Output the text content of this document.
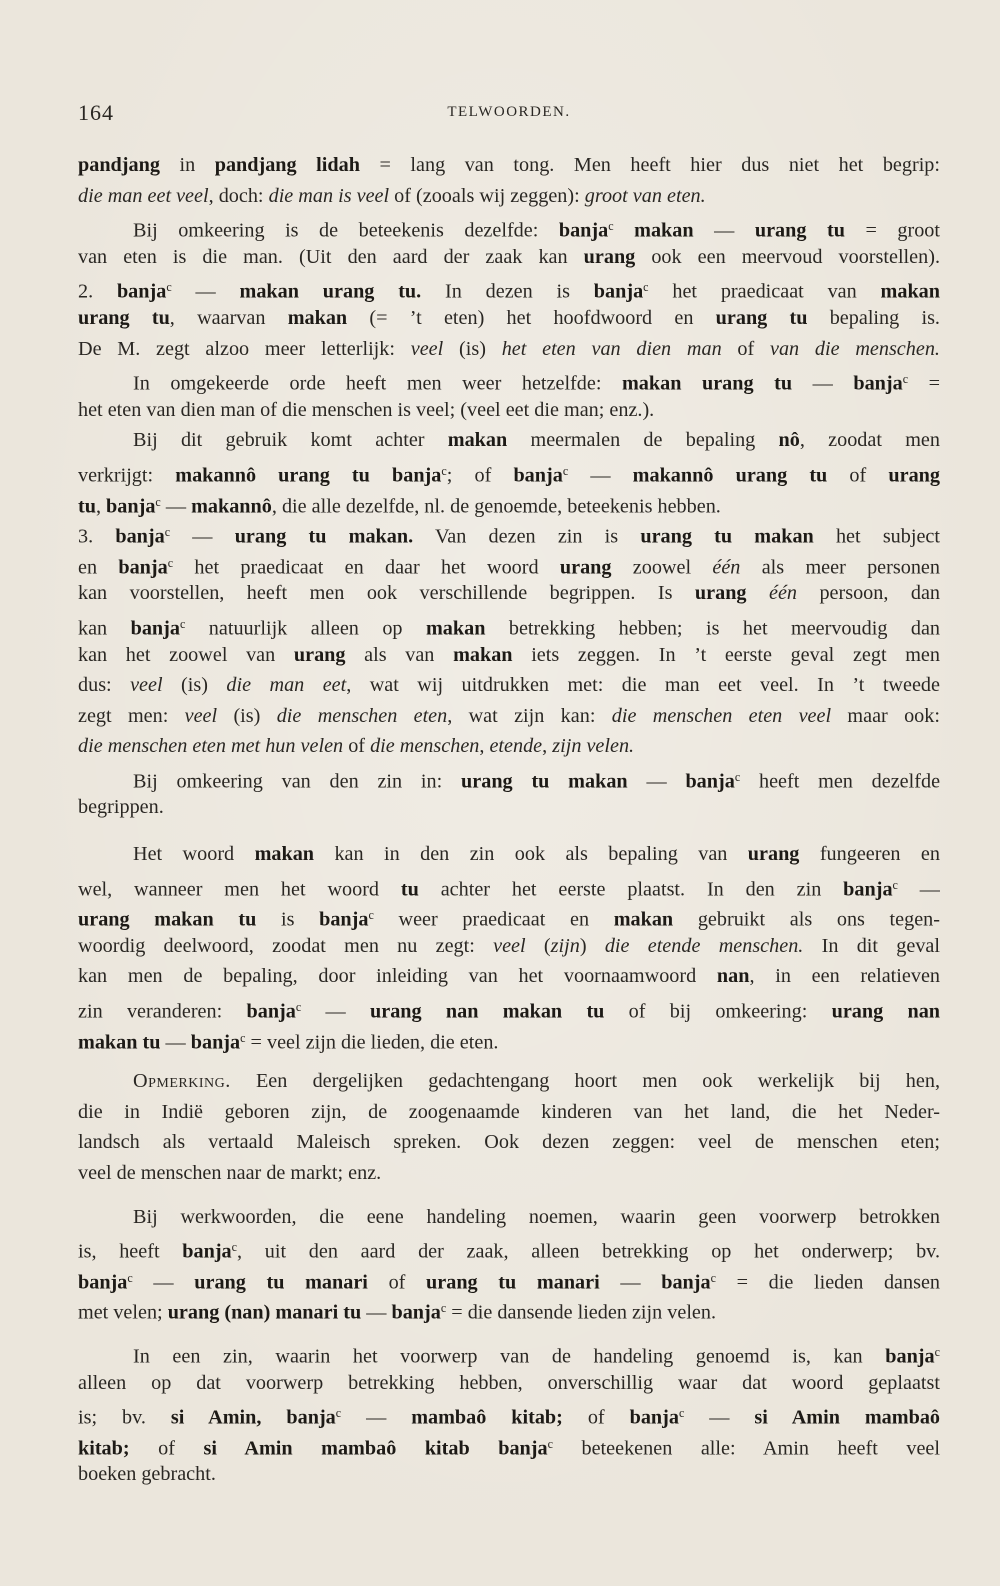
164	TELWOORDEN.
pandjang in pandjang lidah = lang van tong. Men heeft hier dus niet het begrip:
die man eet veel, doch: die man is veel of (zooals wij zeggen): groot van eten.
Bij omkeering is de beteekenis dezelfde: banja$^c$ makan — urang tu = groot
van eten is die man. (Uit den aard der zaak kan urang ook een meervoud voorstellen).
2. banja$^c$ — makan urang tu. In dezen is banja$^c$ het praedicaat van makan
urang tu, waarvan makan (= ’t eten) het hoofdwoord en urang tu bepaling is.
De M. zegt alzoo meer letterlijk: veel (is) het eten van dien man of van die menschen.
In omgekeerde orde heeft men weer hetzelfde: makan urang tu — banja$^c$ =
het eten van dien man of die menschen is veel; (veel eet die man; enz.).
Bij dit gebruik komt achter makan meermalen de bepaling nô, zoodat men
verkrijgt: makannô urang tu banja$^c$; of banja$^c$ — makannô urang tu of urang
tu, banja$^c$ — makannô, die alle dezelfde, nl. de genoemde, beteekenis hebben.
3. banja$^c$ — urang tu makan. Van dezen zin is urang tu makan het subject
en banja$^c$ het praedicaat en daar het woord urang zoowel één als meer personen
kan voorstellen, heeft men ook verschillende begrippen. Is urang één persoon, dan
kan banja$^c$ natuurlijk alleen op makan betrekking hebben; is het meervoudig dan
kan het zoowel van urang als van makan iets zeggen. In ’t eerste geval zegt men
dus: veel (is) die man eet, wat wij uitdrukken met: die man eet veel. In ’t tweede
zegt men: veel (is) die menschen eten, wat zijn kan: die menschen eten veel maar ook:
die menschen eten met hun velen of die menschen, etende, zijn velen.
Bij omkeering van den zin in: urang tu makan — banja$^c$ heeft men dezelfde
begrippen.
Het woord makan kan in den zin ook als bepaling van urang fungeeren en
wel, wanneer men het woord tu achter het eerste plaatst. In den zin banja$^c$ —
urang makan tu is banja$^c$ weer praedicaat en makan gebruikt als ons tegen-
woordig deelwoord, zoodat men nu zegt: veel (zijn) die etende menschen. In dit geval
kan men de bepaling, door inleiding van het voornaamwoord nan, in een relatieven
zin veranderen: banja$^c$ — urang nan makan tu of bij omkeering: urang nan
makan tu — banja$^c$ = veel zijn die lieden, die eten.
Opmerking. Een dergelijken gedachtengang hoort men ook werkelijk bij hen,
die in Indië geboren zijn, de zoogenaamde kinderen van het land, die het Neder-
landsch als vertaald Maleisch spreken. Ook dezen zeggen: veel de menschen eten;
veel de menschen naar de markt; enz.
Bij werkwoorden, die eene handeling noemen, waarin geen voorwerp betrokken
is, heeft banja$^c$, uit den aard der zaak, alleen betrekking op het onderwerp; bv.
banja$^c$ — urang tu manari of urang tu manari — banja$^c$ = die lieden dansen
met velen; urang (nan) manari tu — banja$^c$ = die dansende lieden zijn velen.
In een zin, waarin het voorwerp van de handeling genoemd is, kan banja$^c$
alleen op dat voorwerp betrekking hebben, onverschillig waar dat woord geplaatst
is; bv. si Amin, banja$^c$ — mambaô kitab; of banja$^c$ — si Amin mambaô
kitab; of si Amin mambaô kitab banja$^c$ beteekenen alle: Amin heeft veel
boeken gebracht.
